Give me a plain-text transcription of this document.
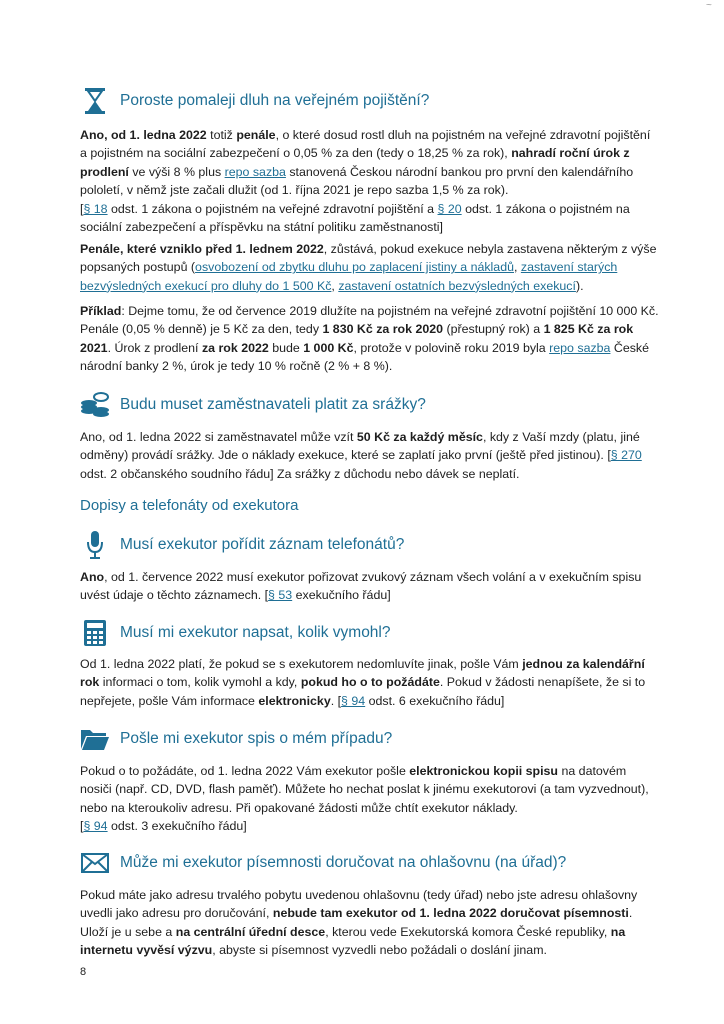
~
Poroste pomaleji dluh na veřejném pojištění?
Ano, od 1. ledna 2022 totiž penále, o které dosud rostl dluh na pojistném na veřejné zdravotní pojištění a pojistném na sociální zabezpečení o 0,05 % za den (tedy o 18,25 % za rok), nahradí roční úrok z prodlení ve výši 8 % plus repo sazba stanovená Českou národní bankou pro první den kalendářního pololetí, v němž jste začali dlužit (od 1. října 2021 je repo sazba 1,5 % za rok).
[§ 18 odst. 1 zákona o pojistném na veřejné zdravotní pojištění a § 20 odst. 1 zákona o pojistném na sociální zabezpečení a příspěvku na státní politiku zaměstnanosti]
Penále, které vzniklo před 1. lednem 2022, zůstává, pokud exekuce nebyla zastavena některým z výše popsaných postupů (osvobození od zbytku dluhu po zaplacení jistiny a nákladů, zastavení starých bezvýsledných exekucí pro dluhy do 1 500 Kč, zastavení ostatních bezvýsledných exekucí).
Příklad: Dejme tomu, že od července 2019 dlužíte na pojistném na veřejné zdravotní pojištění 10 000 Kč. Penále (0,05 % denně) je 5 Kč za den, tedy 1 830 Kč za rok 2020 (přestupný rok) a 1 825 Kč za rok 2021. Úrok z prodlení za rok 2022 bude 1 000 Kč, protože v polovině roku 2019 byla repo sazba České národní banky 2 %, úrok je tedy 10 % ročně (2 % + 8 %).
Budu muset zaměstnavateli platit za srážky?
Ano, od 1. ledna 2022 si zaměstnavatel může vzít 50 Kč za každý měsíc, kdy z Vaší mzdy (platu, jiné odměny) provádí srážky. Jde o náklady exekuce, které se zaplatí jako první (ještě před jistinou). [§ 270 odst. 2 občanského soudního řádu] Za srážky z důchodu nebo dávek se neplatí.
Dopisy a telefonáty od exekutora
Musí exekutor pořídit záznam telefonátů?
Ano, od 1. července 2022 musí exekutor pořizovat zvukový záznam všech volání a v exekučním spisu uvést údaje o těchto záznamech. [§ 53 exekučního řádu]
Musí mi exekutor napsat, kolik vymohl?
Od 1. ledna 2022 platí, že pokud se s exekutorem nedomluvíte jinak, pošle Vám jednou za kalendářní rok informaci o tom, kolik vymohl a kdy, pokud ho o to požádáte. Pokud v žádosti nenapíšete, že si to nepřejete, pošle Vám informace elektronicky. [§ 94 odst. 6 exekučního řádu]
Pošle mi exekutor spis o mém případu?
Pokud o to požádáte, od 1. ledna 2022 Vám exekutor pošle elektronickou kopii spisu na datovém nosiči (např. CD, DVD, flash paměť). Můžete ho nechat poslat k jinému exekutorovi (a tam vyzvednout), nebo na kteroukoliv adresu. Při opakované žádosti může chtít exekutor náklady.
[§ 94 odst. 3 exekučního řádu]
Může mi exekutor písemnosti doručovat na ohlašovnu (na úřad)?
Pokud máte jako adresu trvalého pobytu uvedenou ohlašovnu (tedy úřad) nebo jste adresu ohlašovny uvedli jako adresu pro doručování, nebude tam exekutor od 1. ledna 2022 doručovat písemnosti. Uloží je u sebe a na centrální úřední desce, kterou vede Exekutorská komora České republiky, na internetu vyvěsí výzvu, abyste si písemnost vyzvedli nebo požádali o doslání jinam.
8
